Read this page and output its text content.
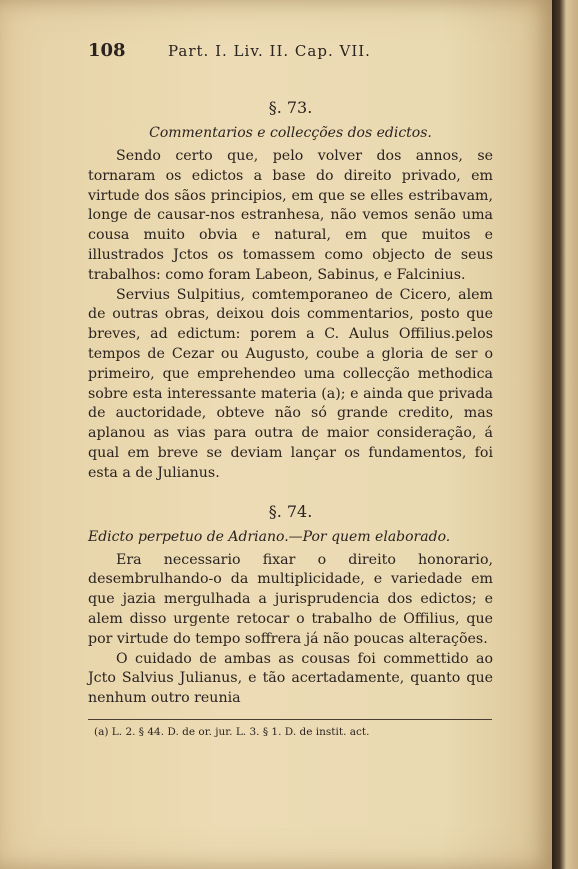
108	Part. I. Liv. II. Cap. VII.
§. 73.
Commentarios e collecções dos edictos.

Sendo certo que, pelo volver dos annos, se tornaram os edictos a base do direito privado, em virtude dos sãos principios, em que se elles estribavam, longe de causar-nos estranhesa, não vemos senão uma cousa muito obvia e natural, em que muitos e illustrados Jctos os tomassem como objecto de seus trabalhos: como foram Labeon, Sabinus, e Falcinius.

Servius Sulpitius, comtemporaneo de Cicero, alem de outras obras, deixou dois commentarios, posto que breves, ad edictum: porem a C. Aulus Offilius.pelos tempos de Cezar ou Augusto, coube a gloria de ser o primeiro, que emprehendeo uma collecção methodica sobre esta interessante materia (a); e ainda que privada de auctoridade, obteve não só grande credito, mas aplanou as vias para outra de maior consideração, á qual em breve se deviam lançar os fundamentos, foi esta a de Julianus.

§. 74.
Edicto perpetuo de Adriano.—Por quem elaborado.

Era necessario fixar o direito honorario, desembrulhando-o da multiplicidade, e variedade em que jazia mergulhada a jurisprudencia dos edictos; e alem disso urgente retocar o trabalho de Offilius, que por virtude do tempo soffrera já não poucas alterações.

O cuidado de ambas as cousas foi commettido ao Jcto Salvius Julianus, e tão acertadamente, quanto que nenhum outro reunia

(a) L. 2. § 44. D. de or. jur. L. 3. § 1. D. de instit. act.
